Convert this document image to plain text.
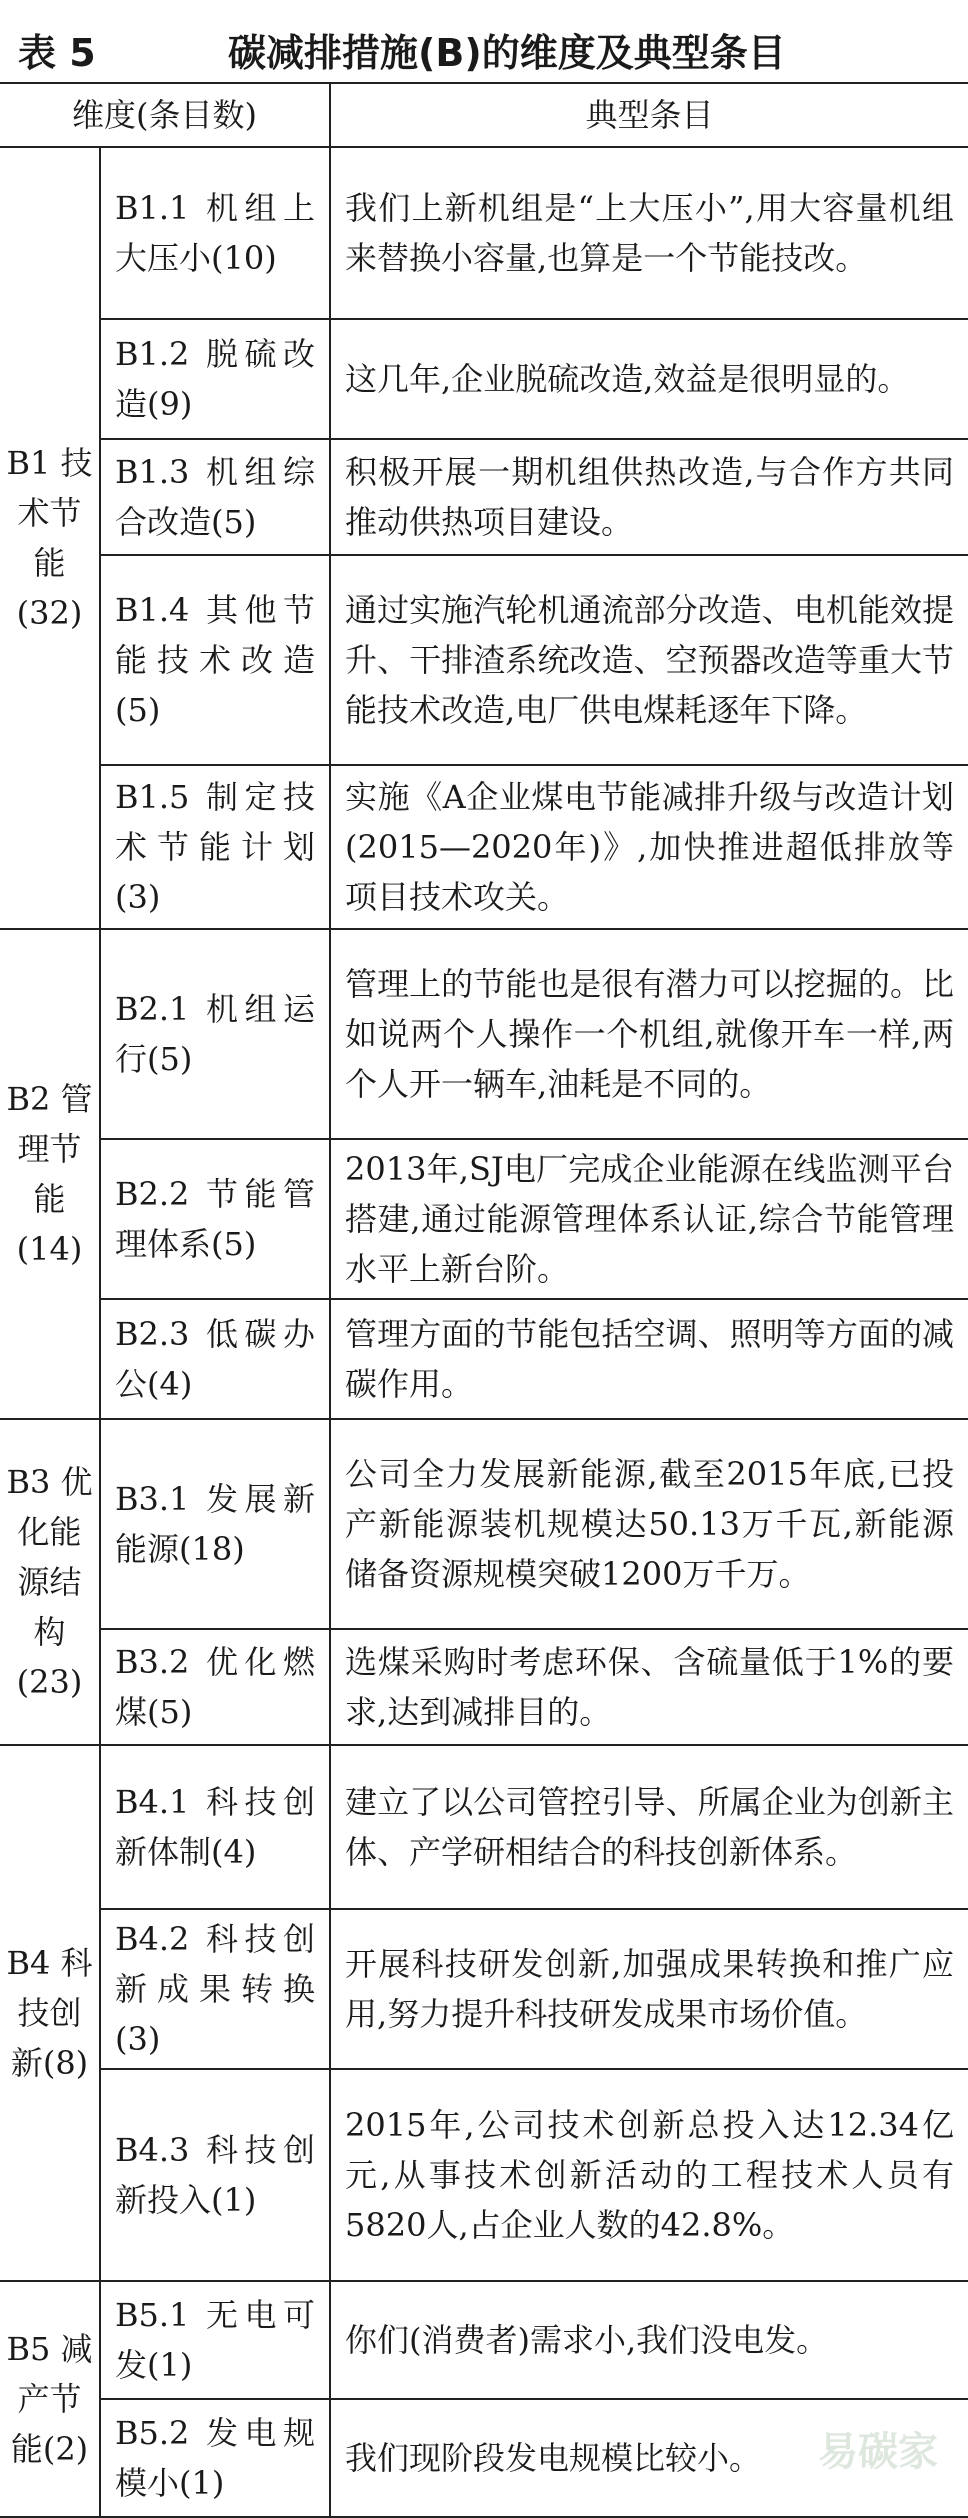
表 5	碳减排措施(B)的维度及典型条目
维度(条目数)		典型条目
B1 技术节能(32)	B1.1 机组上大压小(10)	我们上新机组是“上大压小”,用大容量机组来替换小容量,也算是一个节能技改。
	B1.2 脱硫改造(9)	这几年,企业脱硫改造,效益是很明显的。
	B1.3 机组综合改造(5)	积极开展一期机组供热改造,与合作方共同推动供热项目建设。
	B1.4 其他节能技术改造(5)	通过实施汽轮机通流部分改造、电机能效提升、干排渣系统改造、空预器改造等重大节能技术改造,电厂供电煤耗逐年下降。
	B1.5 制定技术节能计划(3)	实施《A企业煤电节能减排升级与改造计划(2015—2020年)》,加快推进超低排放等项目技术攻关。
B2 管理节能(14)	B2.1 机组运行(5)	管理上的节能也是很有潜力可以挖掘的。比如说两个人操作一个机组,就像开车一样,两个人开一辆车,油耗是不同的。
	B2.2 节能管理体系(5)	2013年,SJ电厂完成企业能源在线监测平台搭建,通过能源管理体系认证,综合节能管理水平上新台阶。
	B2.3 低碳办公(4)	管理方面的节能包括空调、照明等方面的减碳作用。
B3 优化能源结构(23)	B3.1 发展新能源(18)	公司全力发展新能源,截至2015年底,已投产新能源装机规模达50.13万千瓦,新能源储备资源规模突破1200万千万。
	B3.2 优化燃煤(5)	选煤采购时考虑环保、含硫量低于1%的要求,达到减排目的。
B4 科技创新(8)	B4.1 科技创新体制(4)	建立了以公司管控引导、所属企业为创新主体、产学研相结合的科技创新体系。
	B4.2 科技创新成果转换(3)	开展科技研发创新,加强成果转换和推广应用,努力提升科技研发成果市场价值。
	B4.3 科技创新投入(1)	2015年,公司技术创新总投入达12.34亿元,从事技术创新活动的工程技术人员有5820人,占企业人数的42.8%。
B5 减产节能(2)	B5.1 无电可发(1)	你们(消费者)需求小,我们没电发。
	B5.2 发电规模小(1)	我们现阶段发电规模比较小。 易碳家
